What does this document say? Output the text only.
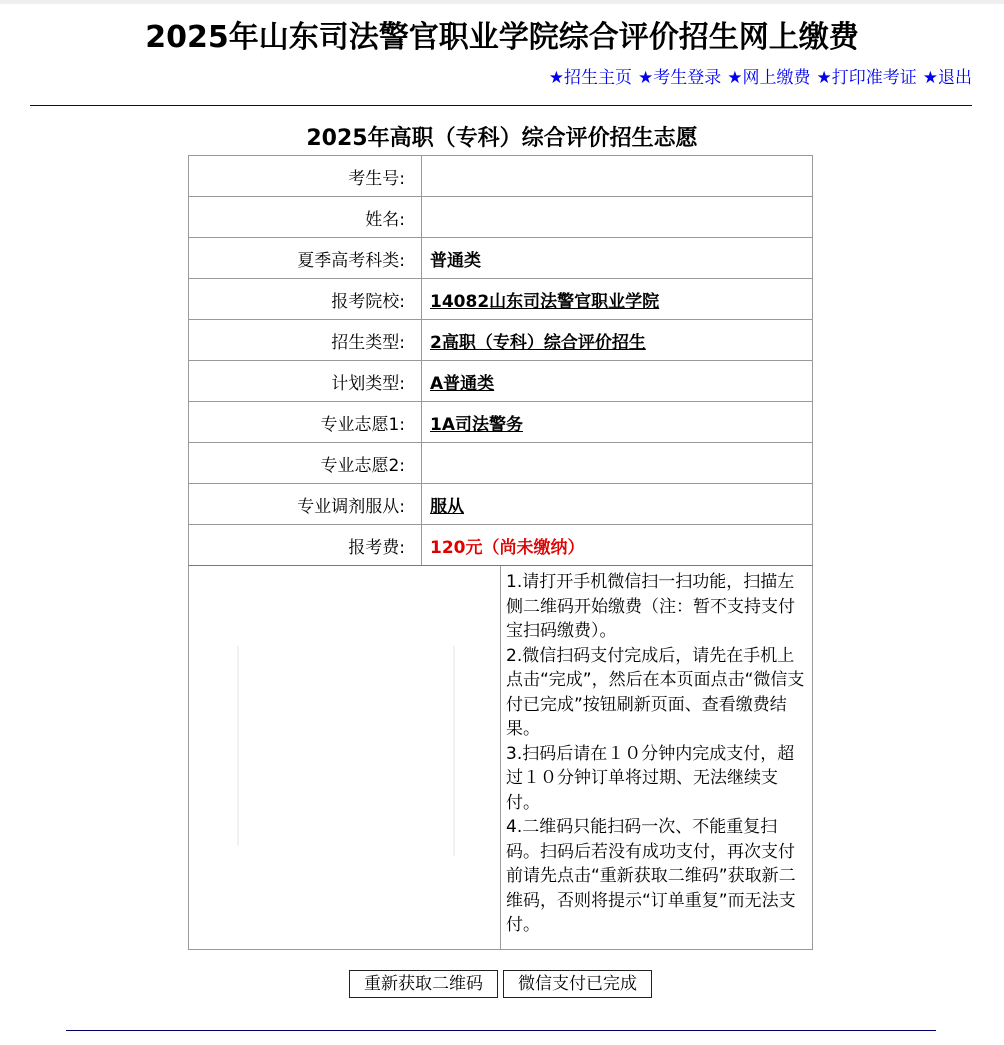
2025年山东司法警官职业学院综合评价招生网上缴费
★招生主页 ★考生登录 ★网上缴费 ★打印准考证 ★退出
2025年高职（专科）综合评价招生志愿
考生号:	
姓名:	
夏季高考科类:	普通类
报考院校:	14082山东司法警官职业学院
招生类型:	2高职（专科）综合评价招生
计划类型:	A普通类
专业志愿1:	1A司法警务
专业志愿2:	
专业调剂服从:	服从
报考费:	120元（尚未缴纳）

1.请打开手机微信扫一扫功能，扫描左侧二维码开始缴费（注：暂不支持支付宝扫码缴费）。

2.微信扫码支付完成后，请先在手机上点击“完成”，然后在本页面点击“微信支付已完成”按钮刷新页面、查看缴费结果。

3.扫码后请在１０分钟内完成支付，超过１０分钟订单将过期、无法继续支付。

4.二维码只能扫码一次、不能重复扫码。扫码后若没有成功支付，再次支付前请先点击“重新获取二维码”获取新二维码，否则将提示“订单重复”而无法支付。

重新获取二维码	微信支付已完成
